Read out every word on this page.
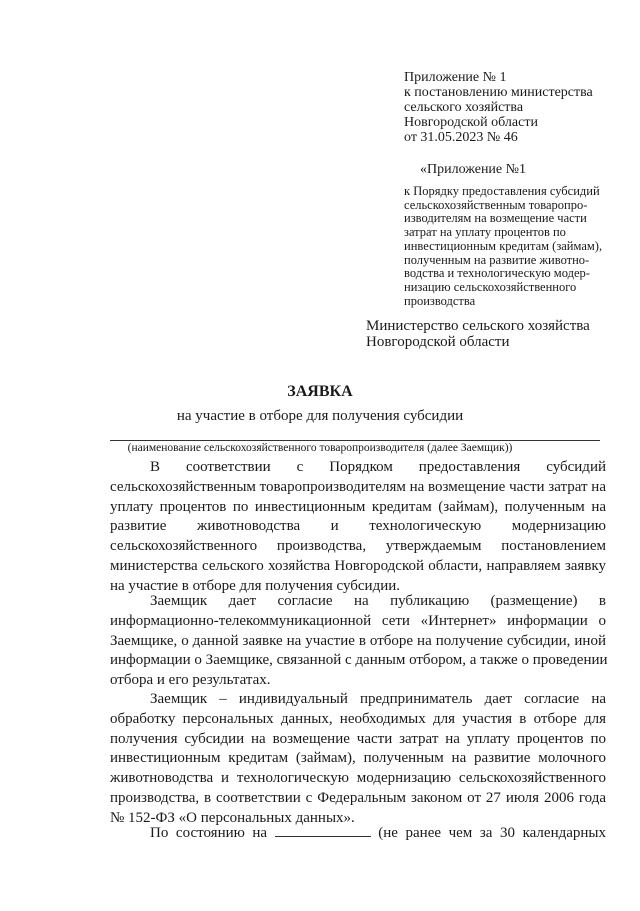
Приложение № 1
к постановлению министерства
сельского хозяйства
Новгородской области
от 31.05.2023 № 46
«Приложение №1
к Порядку предоставления субсидий
сельскохозяйственным товаропро-
изводителям на возмещение части
затрат на уплату процентов по
инвестиционным кредитам (займам),
полученным на развитие животно-
водства и технологическую модер-
низацию сельскохозяйственного
производства
Министерство сельского хозяйства
Новгородской области
ЗАЯВКА
на участие в отборе для получения субсидии
(наименование сельскохозяйственного товаропроизводителя (далее Заемщик))
В соответствии с Порядком предоставления субсидий
сельскохозяйственным товаропроизводителям на возмещение части затрат на
уплату процентов по инвестиционным кредитам (займам), полученным на
развитие животноводства и технологическую модернизацию
сельскохозяйственного производства, утверждаемым постановлением
министерства сельского хозяйства Новгородской области, направляем заявку
на участие в отборе для получения субсидии.
Заемщик дает согласие на публикацию (размещение) в
информационно-телекоммуникационной сети «Интернет» информации о
Заемщике, о данной заявке на участие в отборе на получение субсидии, иной
информации о Заемщике, связанной с данным отбором, а также о проведении
отбора и его результатах.
Заемщик – индивидуальный предприниматель дает согласие на
обработку персональных данных, необходимых для участия в отборе для
получения субсидии на возмещение части затрат на уплату процентов по
инвестиционным кредитам (займам), полученным на развитие молочного
животноводства и технологическую модернизацию сельскохозяйственного
производства, в соответствии с Федеральным законом от 27 июля 2006 года
№ 152-ФЗ «О персональных данных».
По состоянию на	(не ранее чем за 30 календарных
